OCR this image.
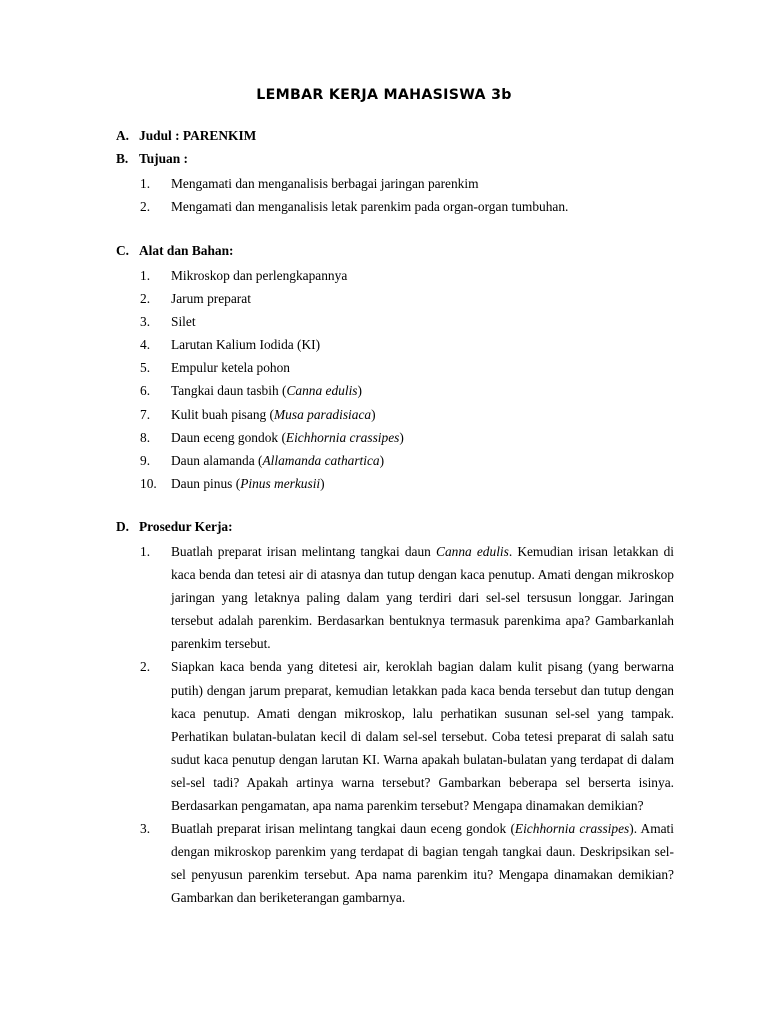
LEMBAR KERJA MAHASISWA 3b
A. Judul : PARENKIM
B. Tujuan :
1.	Mengamati dan menganalisis berbagai jaringan parenkim
2.	Mengamati dan menganalisis letak parenkim pada organ-organ tumbuhan.
C. Alat dan Bahan:
1.	Mikroskop dan perlengkapannya
2.	Jarum preparat
3.	Silet
4.	Larutan Kalium Iodida (KI)
5.	Empulur ketela pohon
6.	Tangkai daun tasbih (Canna edulis)
7.	Kulit buah pisang (Musa paradisiaca)
8.	Daun eceng gondok (Eichhornia crassipes)
9.	Daun alamanda (Allamanda cathartica)
10.	Daun pinus (Pinus merkusii)
D. Prosedur Kerja:
1.	Buatlah preparat irisan melintang tangkai daun Canna edulis. Kemudian irisan letakkan di kaca benda dan tetesi air di atasnya dan tutup dengan kaca penutup. Amati dengan mikroskop jaringan yang letaknya paling dalam yang terdiri dari sel-sel tersusun longgar. Jaringan tersebut adalah parenkim. Berdasarkan bentuknya termasuk parenkima apa? Gambarkanlah parenkim tersebut.
2.	Siapkan kaca benda yang ditetesi air, keroklah bagian dalam kulit pisang (yang berwarna putih) dengan jarum preparat, kemudian letakkan pada kaca benda tersebut dan tutup dengan kaca penutup. Amati dengan mikroskop, lalu perhatikan susunan sel-sel yang tampak. Perhatikan bulatan-bulatan kecil di dalam sel-sel tersebut. Coba tetesi preparat di salah satu sudut kaca penutup dengan larutan KI. Warna apakah bulatan-bulatan yang terdapat di dalam sel-sel tadi? Apakah artinya warna tersebut? Gambarkan beberapa sel berserta isinya. Berdasarkan pengamatan, apa nama parenkim tersebut? Mengapa dinamakan demikian?
3.	Buatlah preparat irisan melintang tangkai daun eceng gondok (Eichhornia crassipes). Amati dengan mikroskop parenkim yang terdapat di bagian tengah tangkai daun. Deskripsikan sel-sel penyusun parenkim tersebut. Apa nama parenkim itu? Mengapa dinamakan demikian? Gambarkan dan beriketerangan gambarnya.
